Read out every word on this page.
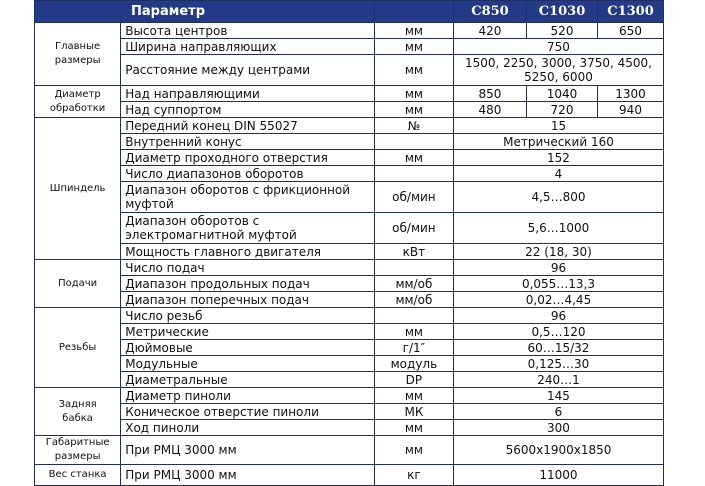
Параметр			C850	C1030	C1300
Главные
размеры	Высота центров	мм	420	520	650
	Ширина направляющих	мм	750		
	Расстояние между центрами	мм	1500, 2250, 3000, 3750, 4500,
5250, 6000		
Диаметр
обработки	Над направляющими	мм	850	1040	1300
	Над суппортом	мм	480	720	940
Шпиндель	Передний конец DIN 55027	№	15		
	Внутренний конус		Метрический 160		
	Диаметр проходного отверстия	мм	152		
	Число диапазонов оборотов		4		
	Диапазон оборотов с фрикционной
муфтой	об/мин	4,5…800		
	Диапазон оборотов с
электромагнитной муфтой	об/мин	5,6…1000		
	Мощность главного двигателя	кВт	22 (18, 30)		
Подачи	Число подач		96		
	Диапазон продольных подач	мм/об	0,055…13,3		
	Диапазон поперечных подач	мм/об	0,02…4,45		
Резьбы	Число резьб		96		
	Метрические	мм	0,5…120		
	Дюймовые	г/1″	60…15/32		
	Модульные	модуль	0,125…30		
	Диаметральные	DP	240…1		
Задняя
бабка	Диаметр пиноли	мм	145		
	Коническое отверстие пиноли	МК	6		
	Ход пиноли	мм	300		
Габаритные
размеры	При РМЦ 3000 мм	мм	5600x1900x1850		
Вес станка	При РМЦ 3000 мм	кг	11000		
